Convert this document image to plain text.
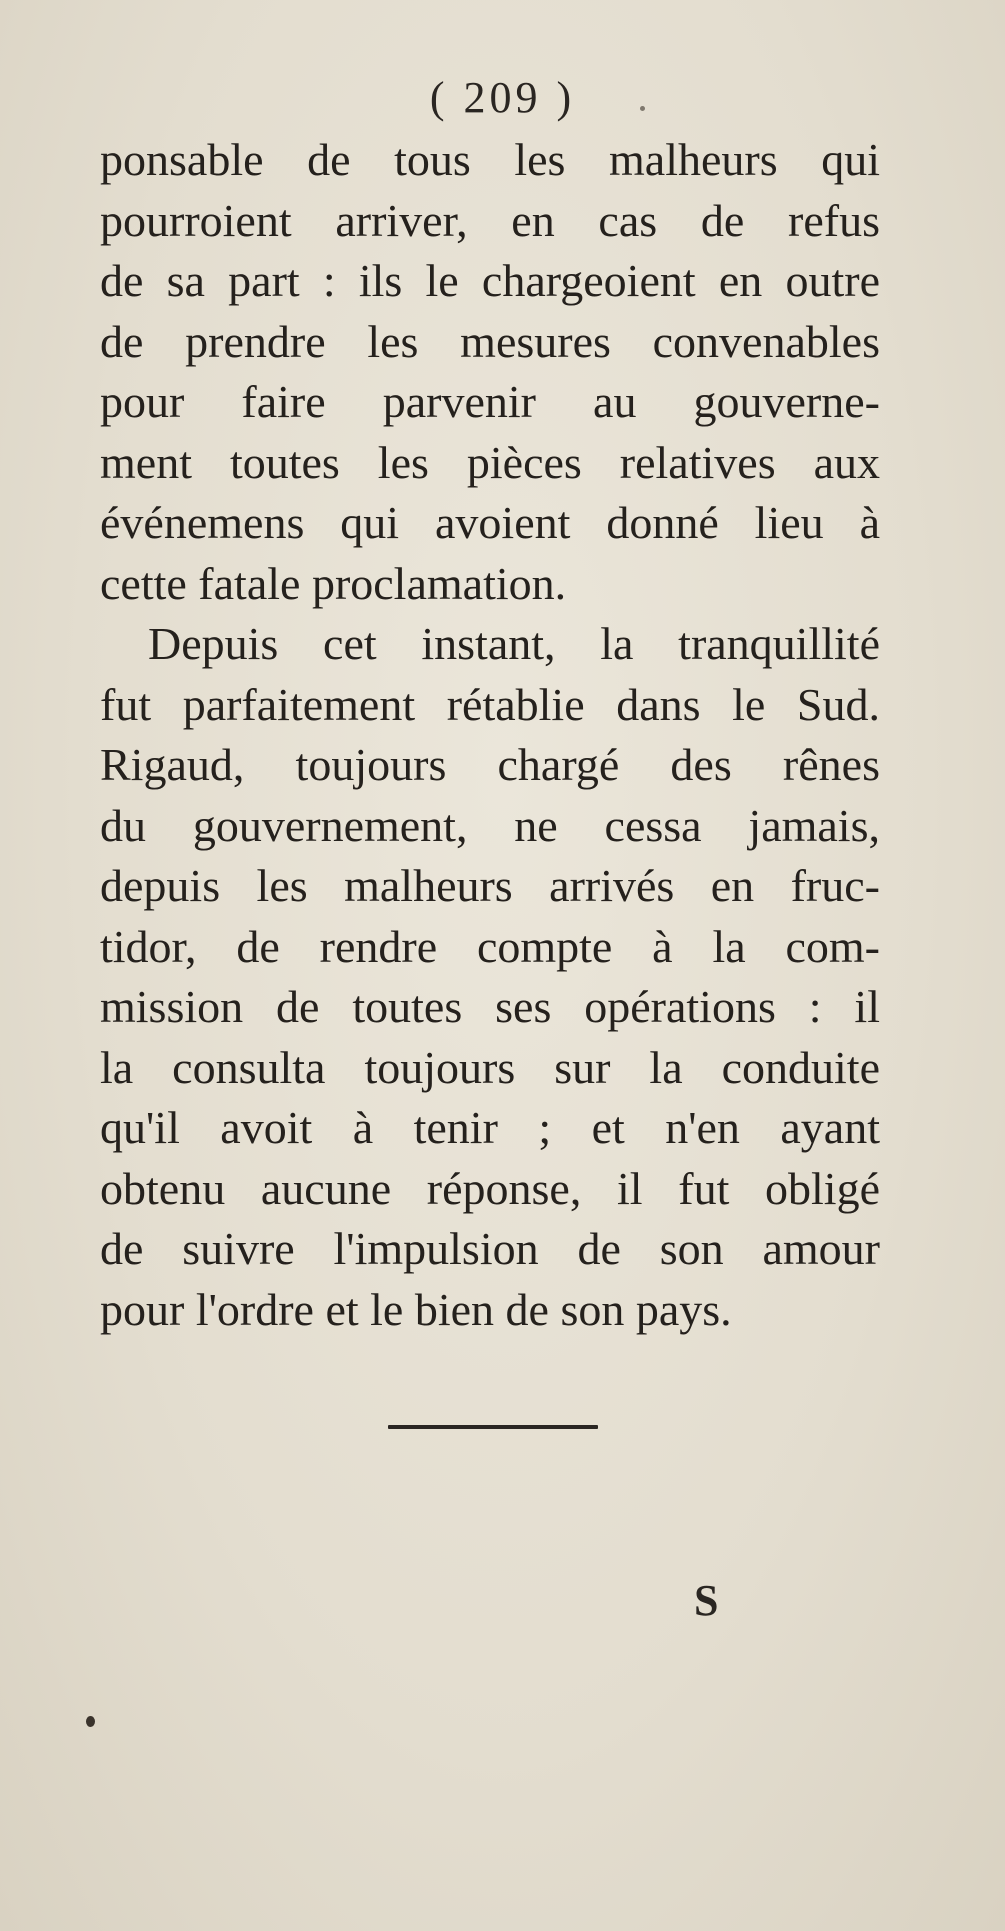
( 209 )
ponsable de tous les malheurs qui
pourroient arriver, en cas de refus
de sa part : ils le chargeoient en outre
de prendre les mesures convenables
pour faire parvenir au gouverne-
ment toutes les pièces relatives aux
événemens qui avoient donné lieu à
cette fatale proclamation.
Depuis cet instant, la tranquillité
fut parfaitement rétablie dans le Sud.
Rigaud, toujours chargé des rênes
du gouvernement, ne cessa jamais,
depuis les malheurs arrivés en fruc-
tidor, de rendre compte à la com-
mission de toutes ses opérations : il
la consulta toujours sur la conduite
qu'il avoit à tenir ; et n'en ayant
obtenu aucune réponse, il fut obligé
de suivre l'impulsion de son amour
pour l'ordre et le bien de son pays.
S
